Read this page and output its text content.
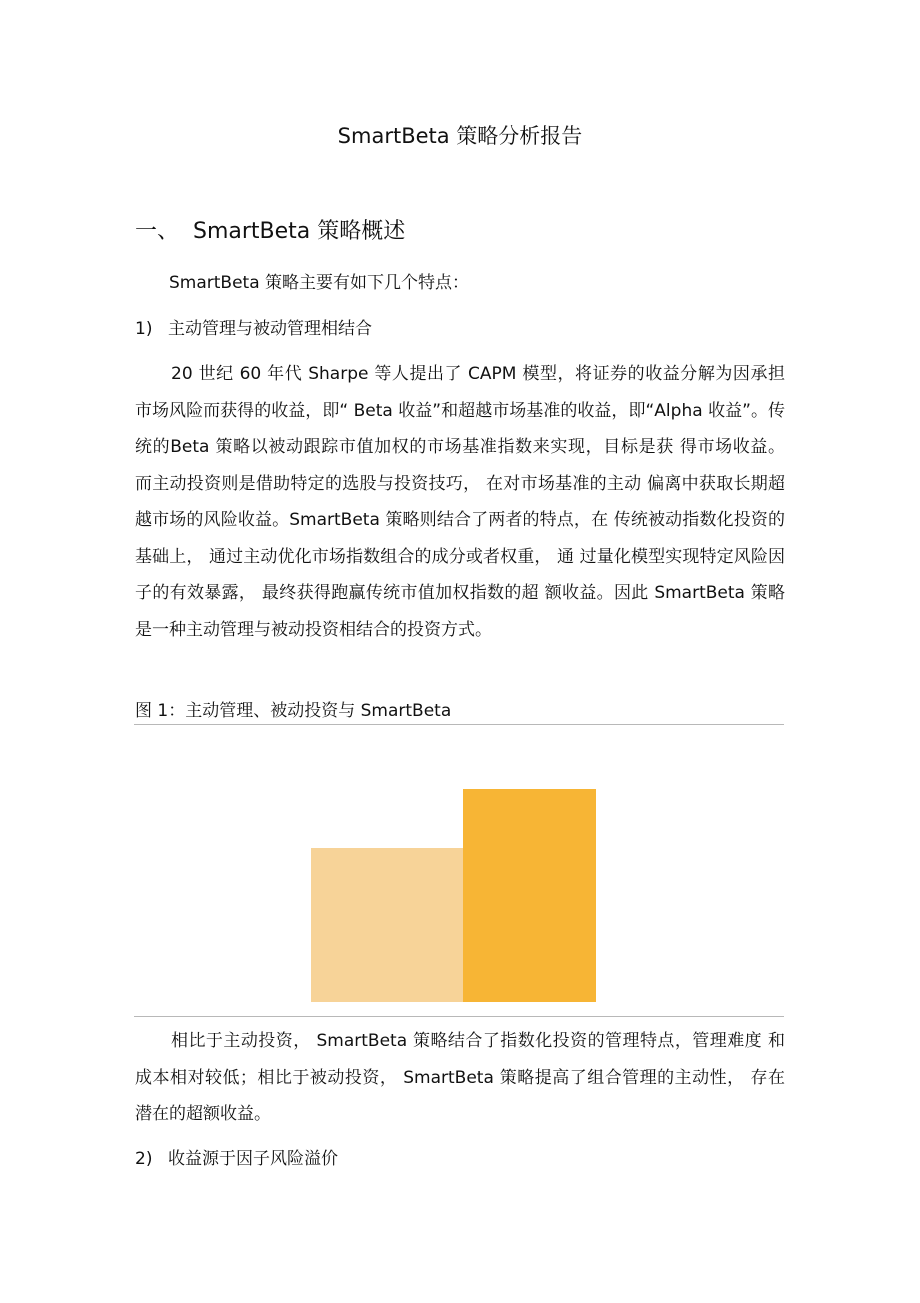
SmartBeta 策略分析报告
一、 SmartBeta 策略概述
SmartBeta 策略主要有如下几个特点：
1) 主动管理与被动管理相结合

20 世纪 60 年代 Sharpe 等人提出了 CAPM 模型，将证券的收益分解为因承担 市场风险而获得的收益，即“ Beta 收益”和超越市场基准的收益，即“Alpha 收益”。传统的Beta 策略以被动跟踪市值加权的市场基准指数来实现，目标是获 得市场收益。 而主动投资则是借助特定的选股与投资技巧， 在对市场基准的主动 偏离中获取长期超越市场的风险收益。SmartBeta 策略则结合了两者的特点，在 传统被动指数化投资的基础上， 通过主动优化市场指数组合的成分或者权重， 通 过量化模型实现特定风险因子的有效暴露， 最终获得跑赢传统市值加权指数的超 额收益。因此 SmartBeta 策略是一种主动管理与被动投资相结合的投资方式。

图 1：主动管理、被动投资与 SmartBeta

相比于主动投资， SmartBeta 策略结合了指数化投资的管理特点，管理难度 和成本相对较低；相比于被动投资， SmartBeta 策略提高了组合管理的主动性， 存在潜在的超额收益。

2) 收益源于因子风险溢价
